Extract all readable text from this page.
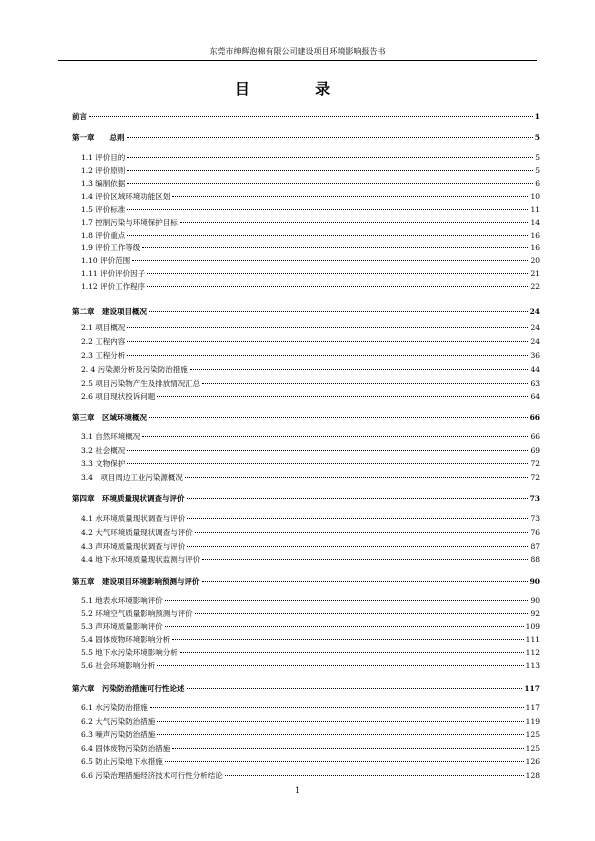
东莞市绅辉泡棉有限公司建设项目环境影响报告书
目 录
前言	1
第一章　　总则	5
1.1 评价目的	5
1.2 评价原则	5
1.3 编制依据	6
1.4 评价区域环境功能区划	10
1.5 评价标准	11
1.7 控制污染与环境保护目标	14
1.8 评价重点	16
1.9 评价工作等级	16
1.10 评价范围	20
1.11 评价评价因子	21
1.12 评价工作程序	22
第二章　建设项目概况	24
2.1 项目概况	24
2.2 工程内容	24
2.3 工程分析	36
2. 4 污染源分析及污染防治措施	44
2.5 项目污染物产生及排放情况汇总	63
2.6 项目现状投诉问题	64
第三章　区域环境概况	66
3.1 自然环境概况	66
3.2 社会概况	69
3.3 文物保护	72
3.4　项目周边工业污染源概况	72
第四章　环境质量现状调查与评价	73
4.1 水环境质量现状调查与评价	73
4.2 大气环境质量现状调查与评价	76
4.3 声环境质量现状调查与评价	87
4.4 地下水环境质量现状监测与评价	88
第五章　建设项目环境影响预测与评价	90
5.1 地表水环境影响评价	90
5.2 环境空气质量影响预测与评价	92
5.3 声环境质量影响评价	109
5.4 固体废物环境影响分析	111
5.5 地下水污染环境影响分析	112
5.6 社会环境影响分析	113
第六章　污染防治措施可行性论述	117
6.1 水污染防治措施	117
6.2 大气污染防治措施	119
6.3 噪声污染防治措施	125
6.4 固体废物污染防治措施	125
6.5 防止污染地下水措施	126
6.6 污染治理措施经济技术可行性分析结论	128
1
